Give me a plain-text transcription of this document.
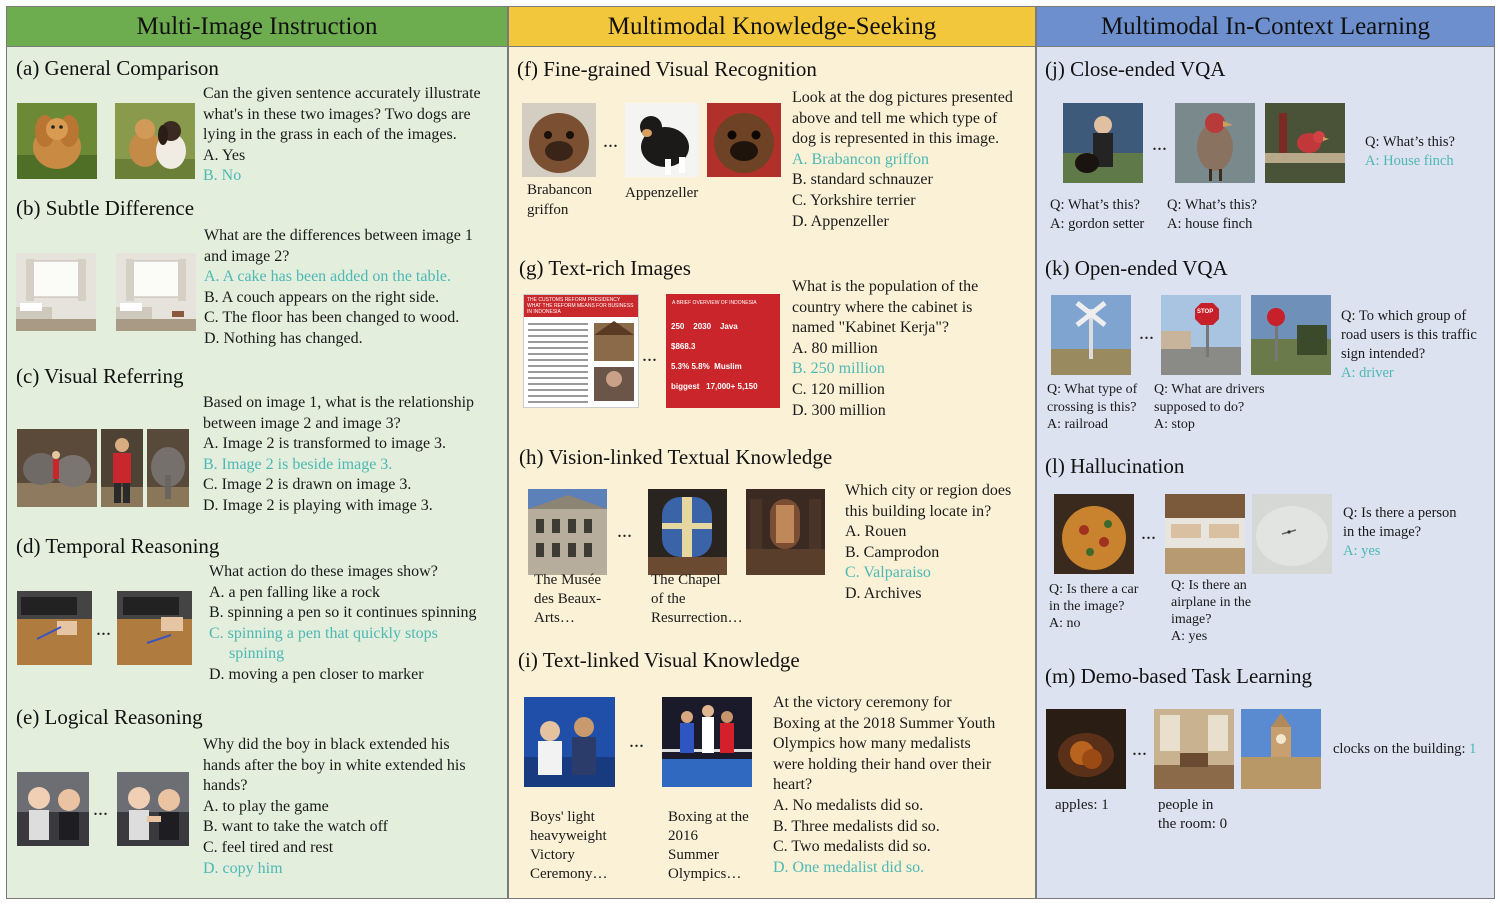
Multi-Image Instruction
(a) General Comparison
Can the given sentence accurately illustrate
what's in these two images? Two dogs are
lying in the grass in each of the images.
A. Yes
B. No
(b) Subtle Difference
What are the differences between image 1
and image 2?
A. A cake has been added on the table.
B. A couch appears on the right side.
C. The floor has been changed to wood.
D. Nothing has changed.
(c) Visual Referring
Based on image 1, what is the relationship
between image 2 and image 3?
A. Image 2 is transformed to image 3.
B. Image 2 is beside image 3.
C. Image 2 is drawn on image 3.
D. Image 2 is playing with image 3.
(d) Temporal Reasoning
...
What action do these images show?
A. a pen falling like a rock
B. spinning a pen so it continues spinning
C. spinning a pen that quickly stops
spinning
D. moving a pen closer to marker
(e) Logical Reasoning
...
Why did the boy in black extended his
hands after the boy in white extended his
hands?
A. to play the game
B. want to take the watch off
C. feel tired and rest
D. copy him
Multimodal Knowledge-Seeking
(f) Fine-grained Visual Recognition
...
Brabancon
griffon
Appenzeller
Look at the dog pictures presented
above and tell me which type of
dog is represented in this image.
A. Brabancon griffon
B. standard schnauzer
C. Yorkshire terrier
D. Appenzeller
(g) Text-rich Images
THE CUSTOMS REFORM PRESIDENCY
WHAT THE REFORM MEANS FOR BUSINESS IN INDONESIA
...
A BRIEF OVERVIEW OF INDONESIA
250 2030 Java

$868.3

5.3% 5.8% Muslim

biggest 17,000+ 5,150
What is the population of the
country where the cabinet is
named "Kabinet Kerja"?
A. 80 million
B. 250 million
C. 120 million
D. 300 million
(h) Vision-linked Textual Knowledge
...
The Musée
des Beaux-
Arts…
The Chapel
of the
Resurrection…
Which city or region does
this building locate in?
A. Rouen
B. Camprodon
C. Valparaiso
D. Archives
(i) Text-linked Visual Knowledge
...
Boys' light
heavyweight
Victory
Ceremony…
Boxing at the
2016
Summer
Olympics…
At the victory ceremony for
Boxing at the 2018 Summer Youth
Olympics how many medalists
were holding their hand over their
heart?
A. No medalists did so.
B. Three medalists did so.
C. Two medalists did so.
D. One medalist did so.
Multimodal In-Context Learning
(j) Close-ended VQA
...
Q: What’s this?
A: gordon setter
Q: What’s this?
A: house finch
Q: What’s this?
A: House finch
(k) Open-ended VQA
...
STOP
Q: What type of
crossing is this?
A: railroad
Q: What are drivers
supposed to do?
A: stop
Q: To which group of
road users is this traffic
sign intended?
A: driver
(l) Hallucination
...
Q: Is there a car
in the image?
A: no
Q: Is there an
airplane in the
image?
A: yes
Q: Is there a person
in the image?
A: yes
(m) Demo-based Task Learning
...
apples: 1	people in
the room: 0
clocks on the building: 1
